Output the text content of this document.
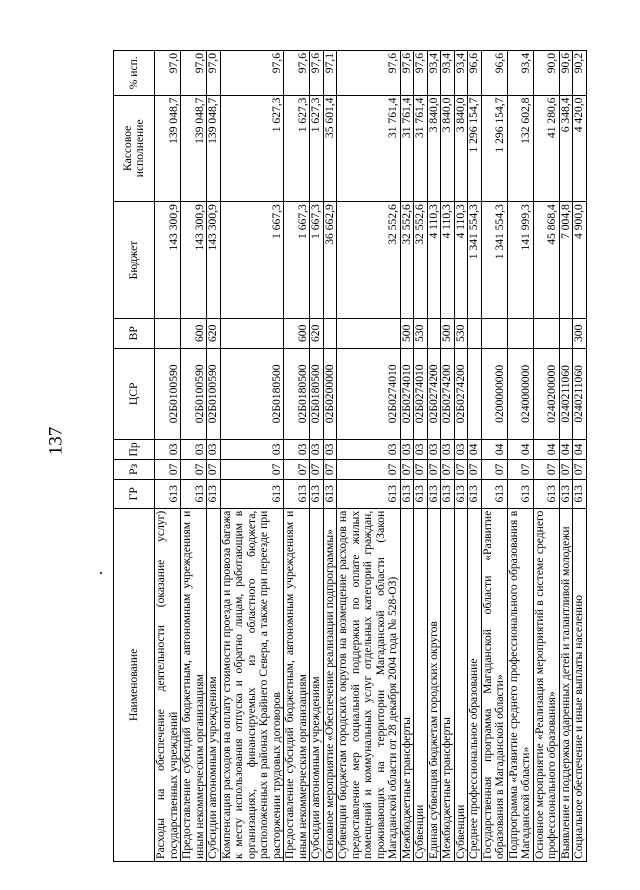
137
Наименование	ГР	Рз	Пр	ЦСР	ВР	Бюджет	Кассовое исполнение	% исп.
Расходы на обеспечение деятельности (оказание услуг) государственных учреждений	613	07	03	02Б0100590		143 300,9	139 048,7	97,0
Предоставление субсидий бюджетным, автономным учреждениям и иным некоммерческим организациям	613	07	03	02Б0100590	600	143 300,9	139 048,7	97,0
Субсидии автономным учреждениям	613	07	03	02Б0100590	620	143 300,9	139 048,7	97,0
Компенсация расходов на оплату стоимости проезда и провоза багажа к месту использования отпуска и обратно лицам, работающим в организациях, финансируемых из областного бюджета, расположенных в районах Крайнего Севера, а также при переезде при расторжении трудовых договоров	613	07	03	02Б0180500		1 667,3	1 627,3	97,6
Предоставление субсидий бюджетным, автономным учреждениям и иным некоммерческим организациям	613	07	03	02Б0180500	600	1 667,3	1 627,3	97,6
Субсидии автономным учреждениям	613	07	03	02Б0180500	620	1 667,3	1 627,3	97,6
Основное мероприятие «Обеспечение реализации подпрограммы»	613	07	03	02Б0200000		36 662,9	35 601,4	97,1
Субвенции бюджетам городских округов на возмещение расходов на предоставление мер социальной поддержки по оплате жилых помещений и коммунальных услуг отдельных категорий граждан, проживающих на территории Магаданской области (Закон Магаданской области от 28 декабря 2004 года № 528-ОЗ)	613	07	03	02Б0274010		32 552,6	31 761,4	97,6
Межбюджетные трансферты	613	07	03	02Б0274010	500	32 552,6	31 761,4	97,6
Субвенции	613	07	03	02Б0274010	530	32 552,6	31 761,4	97,6
Единая субвенция бюджетам городских округов	613	07	03	02Б0274200		4 110,3	3 840,0	93,4
Межбюджетные трансферты	613	07	03	02Б0274200	500	4 110,3	3 840,0	93,4
Субвенции	613	07	03	02Б0274200	530	4 110,3	3 840,0	93,4
Среднее профессиональное образование	613	07	04			1 341 554,3	1 296 154,7	96,6
Государственная программа Магаданской области «Развитие образования в Магаданской области»	613	07	04	0200000000		1 341 554,3	1 296 154,7	96,6
Подпрограмма «Развитие среднего профессионального образования в Магаданской области»	613	07	04	0240000000		141 999,3	132 602,8	93,4
Основное мероприятие «Реализация мероприятий в системе среднего профессионального образования»	613	07	04	0240200000		45 868,4	41 280,6	90,0
Выявление и поддержка одаренных детей и талантливой молодежи	613	07	04	0240211060		7 004,8	6 348,4	90,6
Социальное обеспечение и иные выплаты населению	613	07	04	0240211060	300	4 900,0	4 420,0	90,2
